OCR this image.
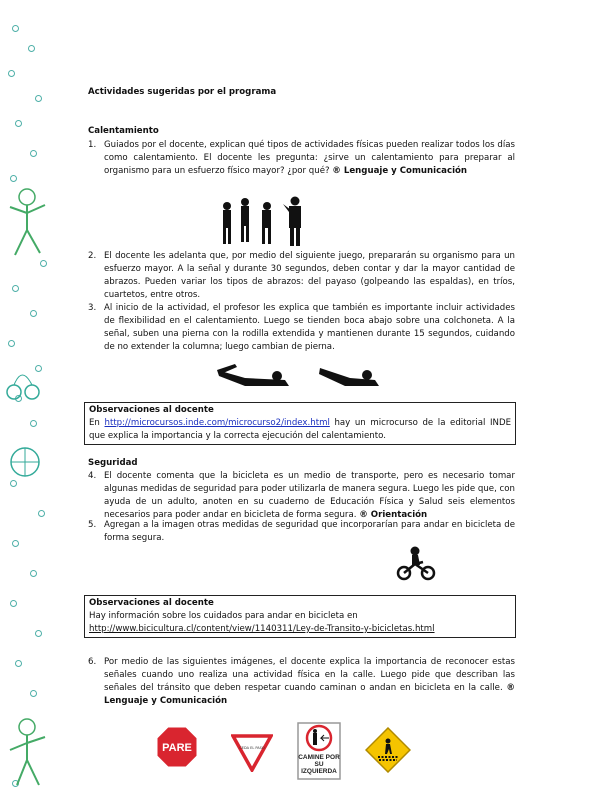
Actividades sugeridas por el programa
Calentamiento
1. Guiados por el docente, explican qué tipos de actividades físicas pueden realizar todos los días como calentamiento. El docente les pregunta: ¿sirve un calentamiento para preparar al organismo para un esfuerzo físico mayor? ¿por qué? ® Lenguaje y Comunicación
2. El docente les adelanta que, por medio del siguiente juego, prepararán su organismo para un esfuerzo mayor. A la señal y durante 30 segundos, deben contar y dar la mayor cantidad de abrazos. Pueden variar los tipos de abrazos: del payaso (golpeando las espaldas), en tríos, cuartetos, entre otros.
3. Al inicio de la actividad, el profesor les explica que también es importante incluir actividades de flexibilidad en el calentamiento. Luego se tienden boca abajo sobre una colchoneta. A la señal, suben una pierna con la rodilla extendida y mantienen durante 15 segundos, cuidando de no extender la columna; luego cambian de pierna.
Observaciones al docente
En http://microcursos.inde.com/microcurso2/index.html hay un microcurso de la editorial INDE que explica la importancia y la correcta ejecución del calentamiento.
Seguridad
4. El docente comenta que la bicicleta es un medio de transporte, pero es necesario tomar algunas medidas de seguridad para poder utilizarla de manera segura. Luego les pide que, con ayuda de un adulto, anoten en su cuaderno de Educación Física y Salud seis elementos necesarios para poder andar en bicicleta de forma segura. ® Orientación
5. Agregan a la imagen otras medidas de seguridad que incorporarían para andar en bicicleta de forma segura.
Observaciones al docente
Hay información sobre los cuidados para andar en bicicleta en
http://www.bicicultura.cl/content/view/1140311/Ley-de-Transito-y-bicicletas.html
6. Por medio de las siguientes imágenes, el docente explica la importancia de reconocer estas señales cuando uno realiza una actividad física en la calle. Luego pide que describan las señales del tránsito que deben respetar cuando caminan o andan en bicicleta en la calle. ® Lenguaje y Comunicación
PARE	CEDA EL PASO
CAMINE POR SU IZQUIERDA
